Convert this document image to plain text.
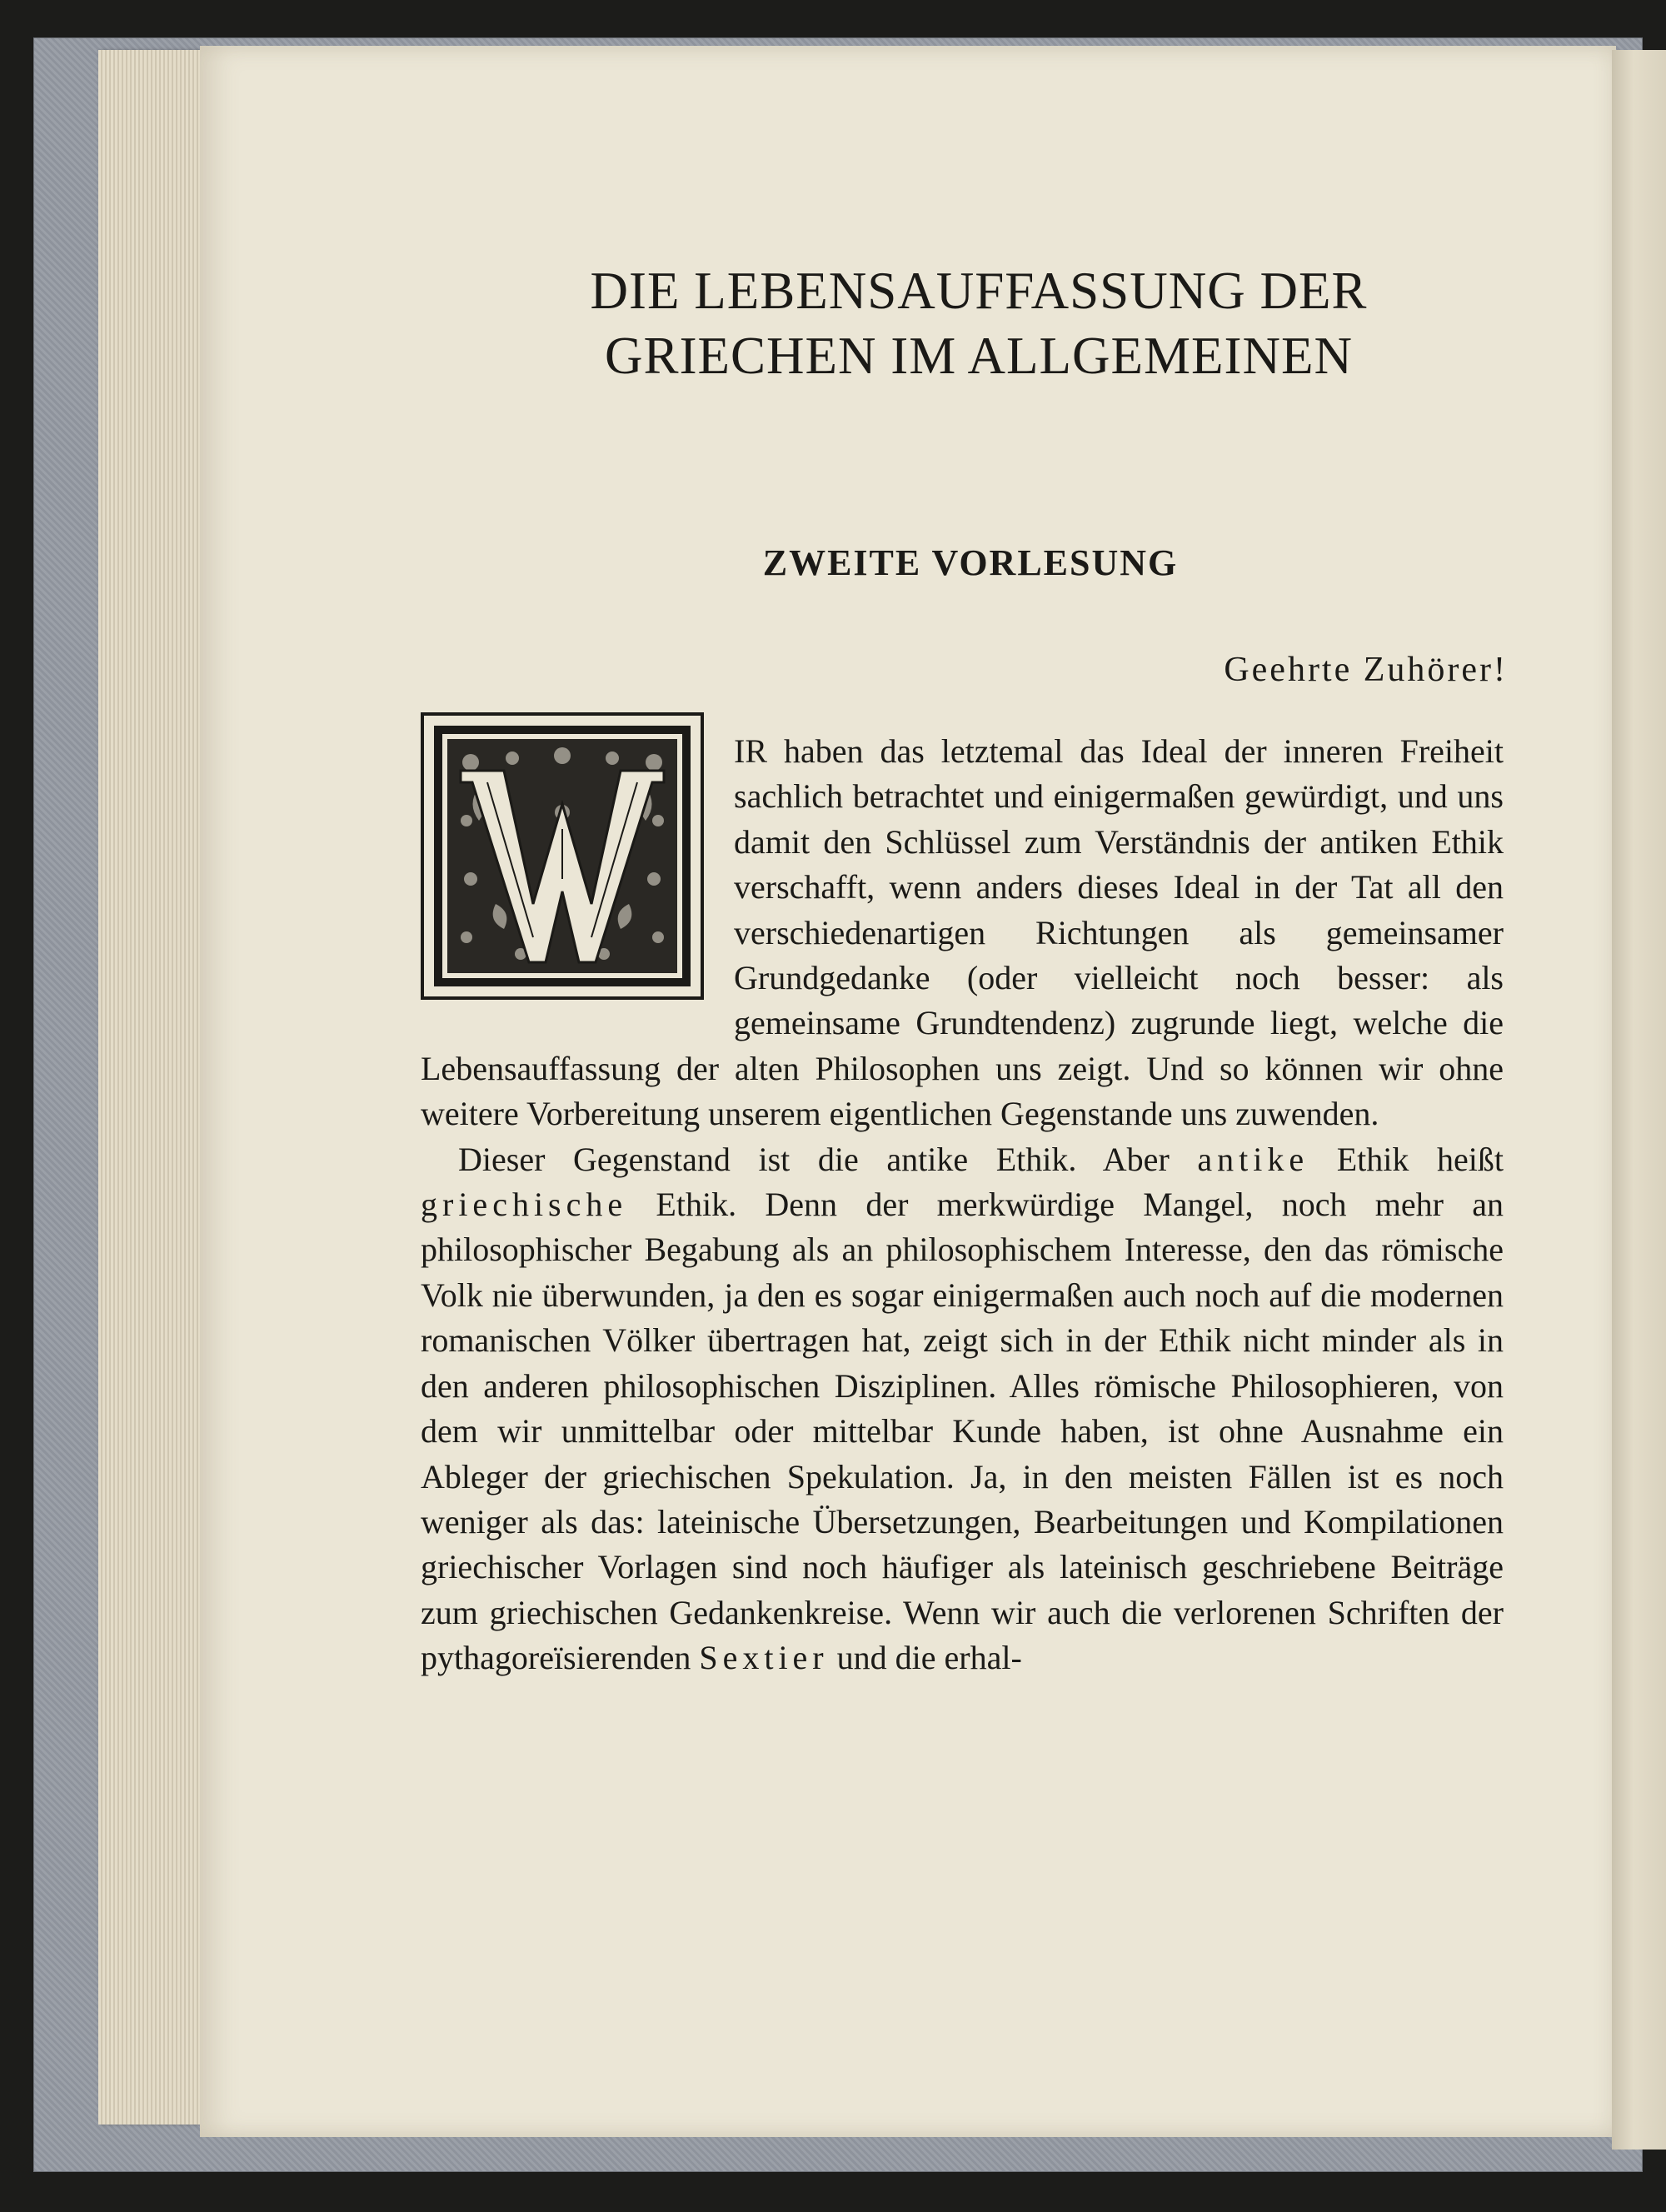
DIE LEBENSAUFFASSUNG DER GRIECHEN IM ALLGEMEINEN
ZWEITE VORLESUNG

Geehrte Zuhörer!

IR haben das letztemal das Ideal der inneren Freiheit sachlich betrachtet und einigermaßen gewürdigt, und uns damit den Schlüssel zum Verständnis der antiken Ethik verschafft, wenn anders dieses Ideal in der Tat all den verschiedenartigen Richtungen als gemeinsamer Grundgedanke (oder vielleicht noch besser: als gemeinsame Grundtendenz) zugrunde liegt, welche die Lebensauffassung der alten Philosophen uns zeigt. Und so können wir ohne weitere Vorbereitung unserem eigentlichen Gegenstande uns zuwenden.

Dieser Gegenstand ist die antike Ethik. Aber antike Ethik heißt griechische Ethik. Denn der merkwürdige Mangel, noch mehr an philosophischer Begabung als an philosophischem Interesse, den das römische Volk nie überwunden, ja den es sogar einigermaßen auch noch auf die modernen romanischen Völker übertragen hat, zeigt sich in der Ethik nicht minder als in den anderen philosophischen Disziplinen. Alles römische Philosophieren, von dem wir unmittelbar oder mittelbar Kunde haben, ist ohne Ausnahme ein Ableger der griechischen Spekulation. Ja, in den meisten Fällen ist es noch weniger als das: lateinische Übersetzungen, Bearbeitungen und Kompilationen griechischer Vorlagen sind noch häufiger als lateinisch geschriebene Beiträge zum griechischen Gedankenkreise. Wenn wir auch die verlorenen Schriften der pythagoreïsierenden Sextier und die erhal-
